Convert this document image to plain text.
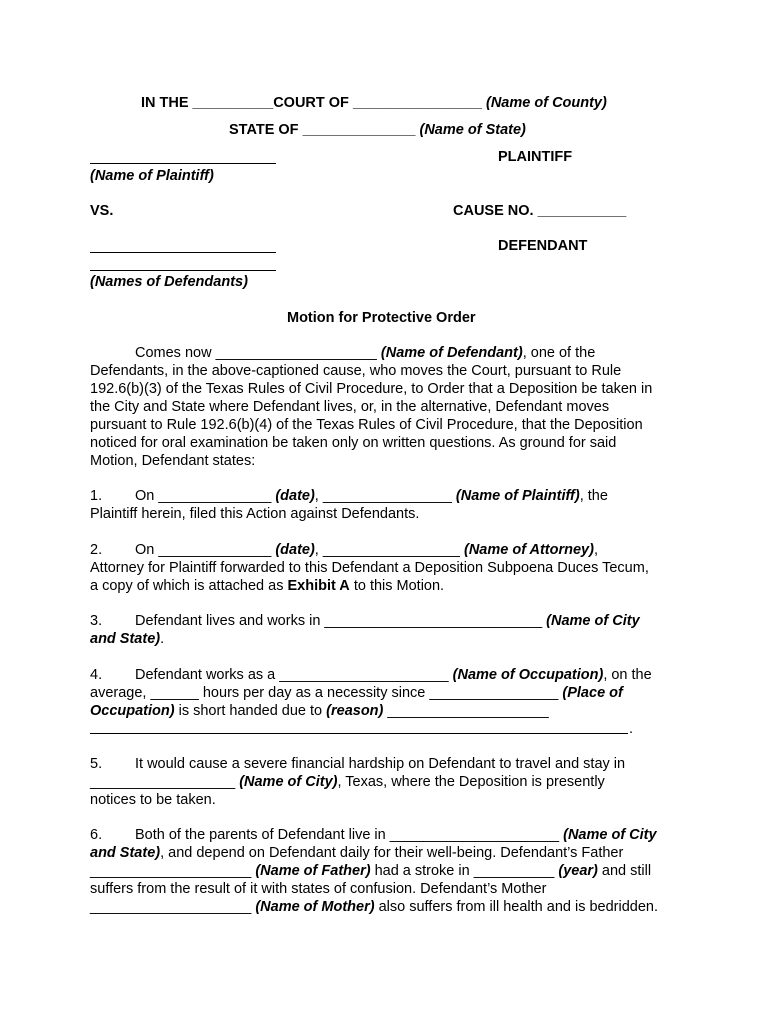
IN THE __________COURT OF ________________ (Name of County)
STATE OF ______________ (Name of State)
PLAINTIFF
(Name of Plaintiff)
VS.	CAUSE NO. ___________
DEFENDANT
(Names of Defendants)
Motion for Protective Order
Comes now ____________________ (Name of Defendant), one of the
Defendants, in the above-captioned cause, who moves the Court, pursuant to Rule
192.6(b)(3) of the Texas Rules of Civil Procedure, to Order that a Deposition be taken in
the City and State where Defendant lives, or, in the alternative, Defendant moves
pursuant to Rule 192.6(b)(4) of the Texas Rules of Civil Procedure, that the Deposition
noticed for oral examination be taken only on written questions. As ground for said
Motion, Defendant states:
1. On ______________ (date), ________________ (Name of Plaintiff), the
Plaintiff herein, filed this Action against Defendants.
2. On ______________ (date), _________________ (Name of Attorney),
Attorney for Plaintiff forwarded to this Defendant a Deposition Subpoena Duces Tecum,
a copy of which is attached as Exhibit A to this Motion.
3. Defendant lives and works in ___________________________ (Name of City
and State).
4. Defendant works as a _____________________ (Name of Occupation), on the
average, ______ hours per day as a necessity since ________________ (Place of
Occupation) is short handed due to (reason) ____________________
.
5. It would cause a severe financial hardship on Defendant to travel and stay in
__________________ (Name of City), Texas, where the Deposition is presently
notices to be taken.
6. Both of the parents of Defendant live in _____________________ (Name of City
and State), and depend on Defendant daily for their well-being. Defendant’s Father
____________________ (Name of Father) had a stroke in __________ (year) and still
suffers from the result of it with states of confusion. Defendant’s Mother
____________________ (Name of Mother) also suffers from ill health and is bedridden.
